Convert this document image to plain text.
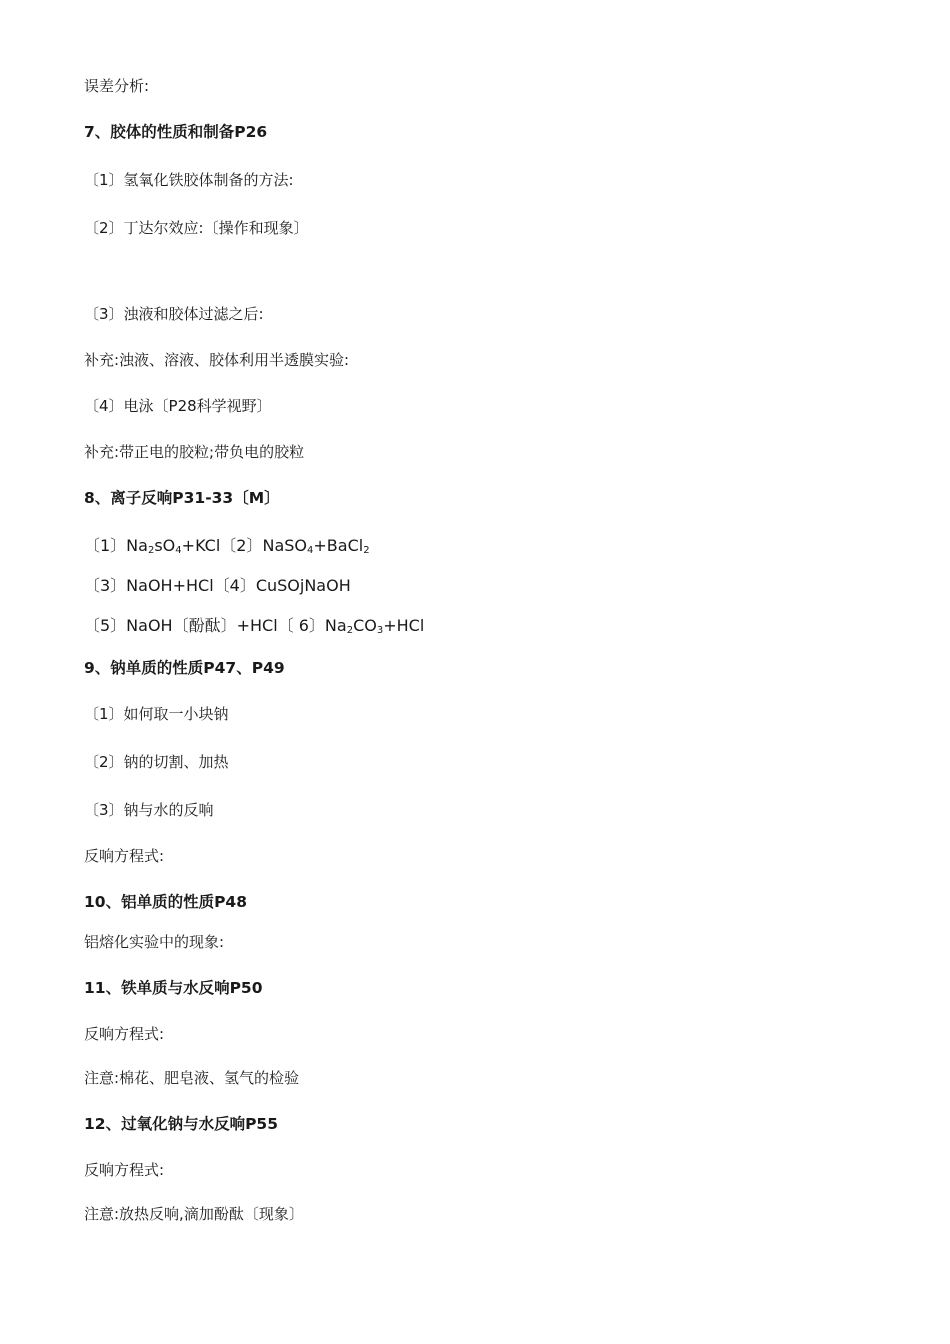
误差分析:
7、胶体的性质和制备P26
〔1〕氢氧化铁胶体制备的方法:
〔2〕丁达尔效应:〔操作和现象〕
〔3〕浊液和胶体过滤之后:
补充:浊液、溶液、胶体利用半透膜实验:
〔4〕电泳〔P28科学视野〕
补充:带正电的胶粒;带负电的胶粒
8、离子反响P31-33〔M〕
〔1〕$Na_2sO_4+KCl$〔2〕NaSO$_4$+BaCl$_2$
〔3〕NaOH+HCl〔4〕CuSOjNaOH
〔5〕NaOH〔酚酞〕+HCl〔 6〕$Na_2CO_3+HCl$
9、钠单质的性质P47、P49
〔1〕如何取一小块钠
〔2〕钠的切割、加热
〔3〕钠与水的反响
反响方程式:
10、铝单质的性质P48
铝熔化实验中的现象:
11、铁单质与水反响P50
反响方程式:
注意:棉花、肥皂液、氢气的检验
12、过氧化钠与水反响P55
反响方程式:
注意:放热反响,滴加酚酞〔现象〕
